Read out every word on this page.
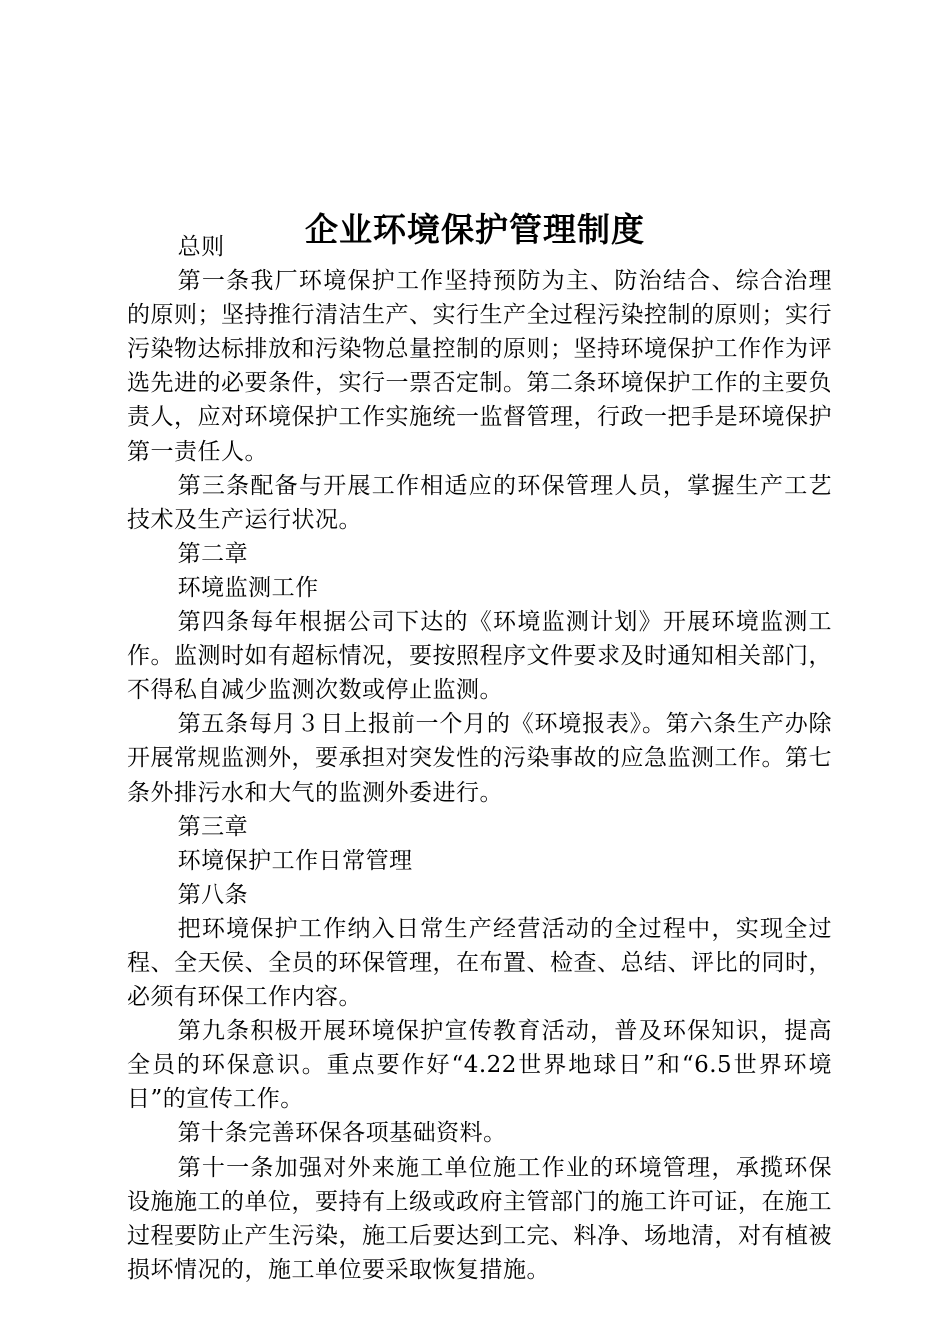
企业环境保护管理制度

总则

第一条我厂环境保护工作坚持预防为主、防治结合、综合治理的原则；坚持推行清洁生产、实行生产全过程污染控制的原则；实行污染物达标排放和污染物总量控制的原则；坚持环境保护工作作为评选先进的必要条件，实行一票否定制。第二条环境保护工作的主要负责人，应对环境保护工作实施统一监督管理，行政一把手是环境保护第一责任人。

第三条配备与开展工作相适应的环保管理人员，掌握生产工艺技术及生产运行状况。

第二章

环境监测工作

第四条每年根据公司下达的《环境监测计划》开展环境监测工作。监测时如有超标情况，要按照程序文件要求及时通知相关部门，不得私自减少监测次数或停止监测。

第五条每月３日上报前一个月的《环境报表》。第六条生产办除开展常规监测外，要承担对突发性的污染事故的应急监测工作。第七条外排污水和大气的监测外委进行。

第三章

环境保护工作日常管理

第八条

把环境保护工作纳入日常生产经营活动的全过程中，实现全过程、全天侯、全员的环保管理，在布置、检查、总结、评比的同时，必须有环保工作内容。

第九条积极开展环境保护宣传教育活动，普及环保知识，提高全员的环保意识。重点要作好“4.22世界地球日”和“6.5世界环境日”的宣传工作。

第十条完善环保各项基础资料。

第十一条加强对外来施工单位施工作业的环境管理，承揽环保设施施工的单位，要持有上级或政府主管部门的施工许可证，在施工过程要防止产生污染，施工后要达到工完、料净、场地清，对有植被损坏情况的，施工单位要采取恢复措施。
